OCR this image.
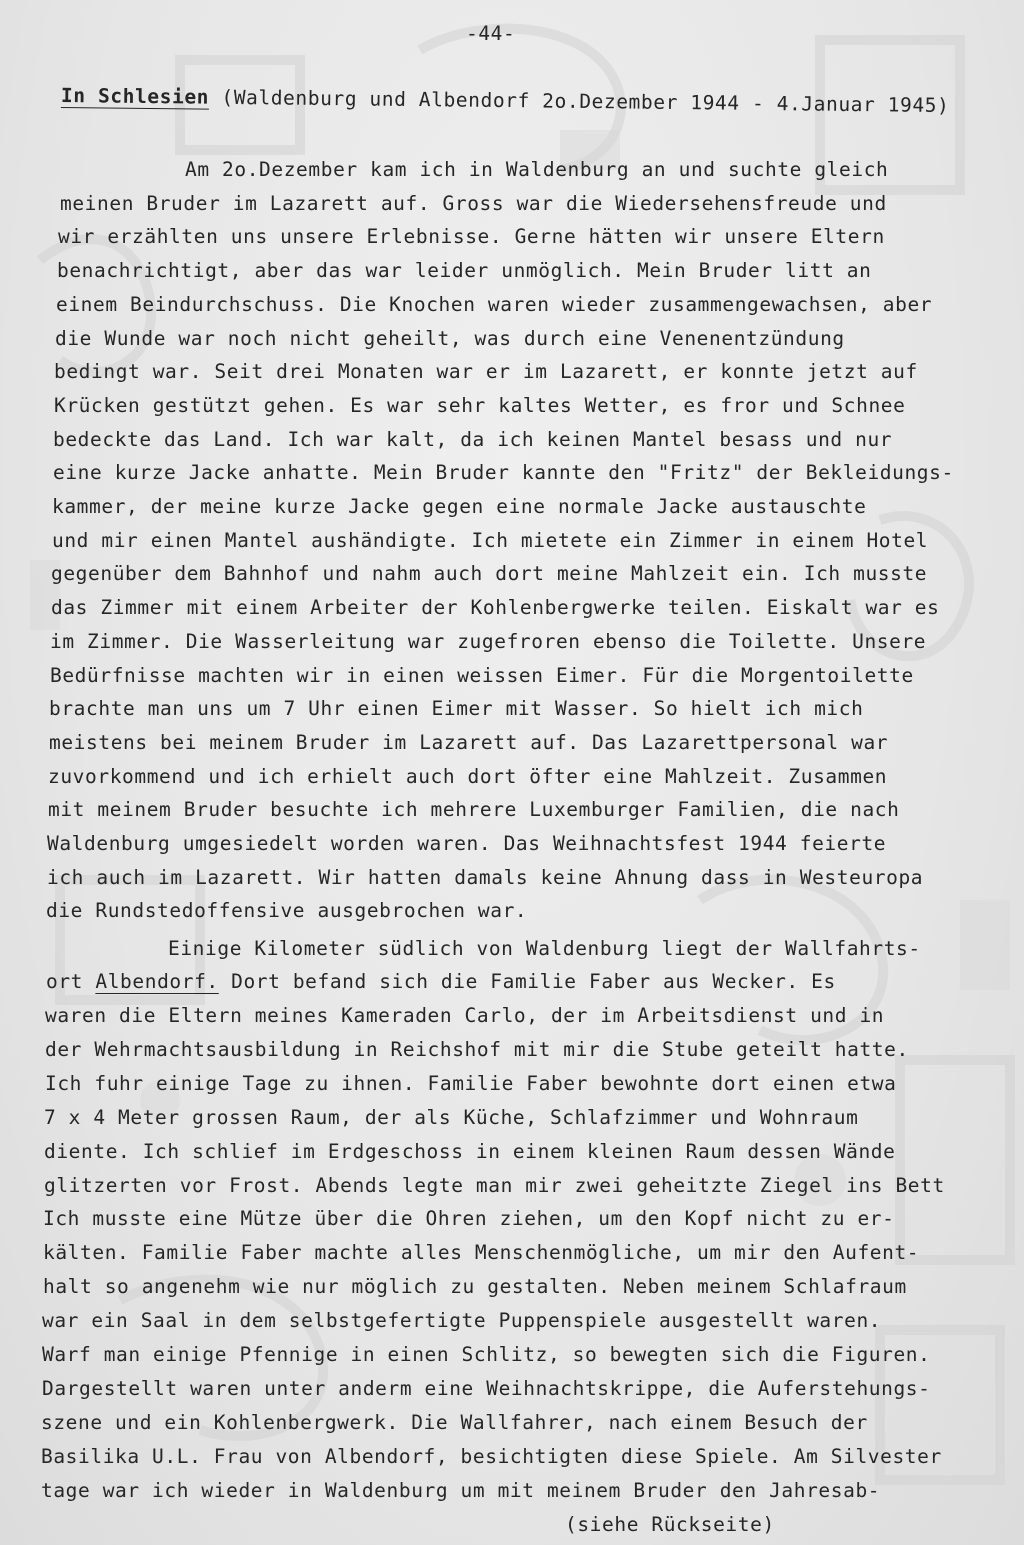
-44-
In Schlesien (Waldenburg und Albendorf 2o.Dezember 1944 - 4.Januar 1945)
Am 2o.Dezember kam ich in Waldenburg an und suchte gleich
meinen Bruder im Lazarett auf. Gross war die Wiedersehensfreude und
wir erzählten uns unsere Erlebnisse. Gerne hätten wir unsere Eltern
benachrichtigt, aber das war leider unmöglich. Mein Bruder litt an
einem Beindurchschuss. Die Knochen waren wieder zusammengewachsen, aber
die Wunde war noch nicht geheilt, was durch eine Venenentzündung
bedingt war. Seit drei Monaten war er im Lazarett, er konnte jetzt auf
Krücken gestützt gehen. Es war sehr kaltes Wetter, es fror und Schnee
bedeckte das Land. Ich war kalt, da ich keinen Mantel besass und nur
eine kurze Jacke anhatte. Mein Bruder kannte den "Fritz" der Bekleidungs-
kammer, der meine kurze Jacke gegen eine normale Jacke austauschte
und mir einen Mantel aushändigte. Ich mietete ein Zimmer in einem Hotel
gegenüber dem Bahnhof und nahm auch dort meine Mahlzeit ein. Ich musste
das Zimmer mit einem Arbeiter der Kohlenbergwerke teilen. Eiskalt war es
im Zimmer. Die Wasserleitung war zugefroren ebenso die Toilette. Unsere
Bedürfnisse machten wir in einen weissen Eimer. Für die Morgentoilette
brachte man uns um 7 Uhr einen Eimer mit Wasser. So hielt ich mich
meistens bei meinem Bruder im Lazarett auf. Das Lazarettpersonal war
zuvorkommend und ich erhielt auch dort öfter eine Mahlzeit. Zusammen
mit meinem Bruder besuchte ich mehrere Luxemburger Familien, die nach
Waldenburg umgesiedelt worden waren. Das Weihnachtsfest 1944 feierte
ich auch im Lazarett. Wir hatten damals keine Ahnung dass in Westeuropa
die Rundstedoffensive ausgebrochen war.
Einige Kilometer südlich von Waldenburg liegt der Wallfahrts-
ort Albendorf. Dort befand sich die Familie Faber aus Wecker. Es
waren die Eltern meines Kameraden Carlo, der im Arbeitsdienst und in
der Wehrmachtsausbildung in Reichshof mit mir die Stube geteilt hatte.
Ich fuhr einige Tage zu ihnen. Familie Faber bewohnte dort einen etwa
7 x 4 Meter grossen Raum, der als Küche, Schlafzimmer und Wohnraum
diente. Ich schlief im Erdgeschoss in einem kleinen Raum dessen Wände
glitzerten vor Frost. Abends legte man mir zwei geheitzte Ziegel ins Bett
Ich musste eine Mütze über die Ohren ziehen, um den Kopf nicht zu er-
kälten. Familie Faber machte alles Menschenmögliche, um mir den Aufent-
halt so angenehm wie nur möglich zu gestalten. Neben meinem Schlafraum
war ein Saal in dem selbstgefertigte Puppenspiele ausgestellt waren.
Warf man einige Pfennige in einen Schlitz, so bewegten sich die Figuren.
Dargestellt waren unter anderm eine Weihnachtskrippe, die Auferstehungs-
szene und ein Kohlenbergwerk. Die Wallfahrer, nach einem Besuch der
Basilika U.L. Frau von Albendorf, besichtigten diese Spiele. Am Silvester
tage war ich wieder in Waldenburg um mit meinem Bruder den Jahresab-
(siehe Rückseite)
